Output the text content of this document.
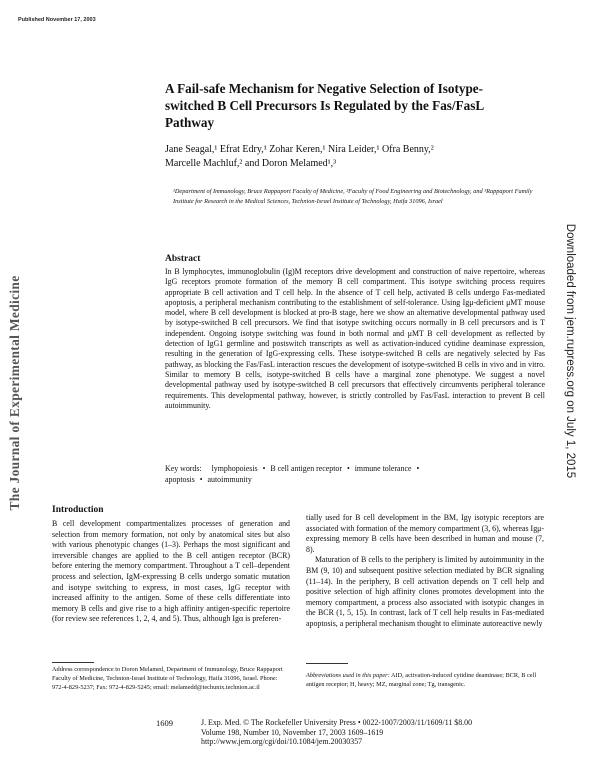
Published November 17, 2003
The Journal of Experimental Medicine	Downloaded from jem.rupress.org on July 1, 2015
A Fail-safe Mechanism for Negative Selection of Isotype-switched B Cell Precursors Is Regulated by the Fas/FasL Pathway
Jane Seagal,¹ Efrat Edry,¹ Zohar Keren,¹ Nira Leider,¹ Ofra Benny,²
Marcelle Machluf,² and Doron Melamed¹,³
¹Department of Immunology, Bruce Rappaport Faculty of Medicine, ²Faculty of Food Engineering and Biotechnology, and ³Rappaport Family Institute for Research in the Medical Sciences, Technion-Israel Institute of Technology, Haifa 31096, Israel
Abstract

In B lymphocytes, immunoglobulin (Ig)M receptors drive development and construction of naive repertoire, whereas IgG receptors promote formation of the memory B cell compartment. This isotype switching process requires appropriate B cell activation and T cell help. In the absence of T cell help, activated B cells undergo Fas-mediated apoptosis, a peripheral mechanism contributing to the establishment of self-tolerance. Using Igμ-deficient μMT mouse model, where B cell development is blocked at pro-B stage, here we show an alternative developmental pathway used by isotype-switched B cell precursors. We find that isotype switching occurs normally in B cell precursors and is T independent. Ongoing isotype switching was found in both normal and μMT B cell development as reflected by detection of IgG1 germline and postswitch transcripts as well as activation-induced cytidine deaminase expression, resulting in the generation of IgG-expressing cells. These isotype-switched B cells are negatively selected by Fas pathway, as blocking the Fas/FasL interaction rescues the development of isotype-switched B cells in vivo and in vitro. Similar to memory B cells, isotype-switched B cells have a marginal zone phenotype. We suggest a novel developmental pathway used by isotype-switched B cell precursors that effectively circumvents peripheral tolerance requirements. This developmental pathway, however, is strictly controlled by Fas/FasL interaction to prevent B cell autoimmunity.

Key words: lymphopoiesis • B cell antigen receptor • immune tolerance •
apoptosis • autoimmunity
Introduction

B cell development compartmentalizes processes of generation and selection from memory formation, not only by anatomical sites but also with various phenotypic changes (1–3). Perhaps the most significant and irreversible changes are applied to the B cell antigen receptor (BCR) before entering the memory compartment. Throughout a T cell–dependent process and selection, IgM-expressing B cells undergo somatic mutation and isotype switching to express, in most cases, IgG receptor with increased affinity to the antigen. Some of these cells differentiate into memory B cells and give rise to a high affinity antigen-specific repertoire (for review see references 1, 2, 4, and 5). Thus, although Igα is preferen-

tially used for B cell development in the BM, Igγ isotypic receptors are associated with formation of the memory compartment (3, 6), whereas Igμ-expressing memory B cells have been described in human and mouse (7, 8).

Maturation of B cells to the periphery is limited by autoimmunity in the BM (9, 10) and subsequent positive selection mediated by BCR signaling (11–14). In the periphery, B cell activation depends on T cell help and positive selection of high affinity clones promotes development into the memory compartment, a process also associated with isotypic changes in the BCR (1, 5, 15). In contrast, lack of T cell help results in Fas-mediated apoptosis, a peripheral mechanism thought to eliminate autoreactive newly

Address correspondence to Doron Melamed, Department of Immunology, Bruce Rappaport Faculty of Medicine, Technion-Israel Institute of Technology, Haifa 31096, Israel. Phone: 972-4-829-5237; Fax: 972-4-829-5245; email: melamedd@techunix.technion.ac.il
Abbreviations used in this paper: AID, activation-induced cytidine deaminase; BCR, B cell antigen receptor; H, heavy; MZ, marginal zone; Tg, transgenic.
1609	J. Exp. Med. © The Rockefeller University Press • 0022-1007/2003/11/1609/11 $8.00
Volume 198, Number 10, November 17, 2003 1609–1619
http://www.jem.org/cgi/doi/10.1084/jem.20030357
